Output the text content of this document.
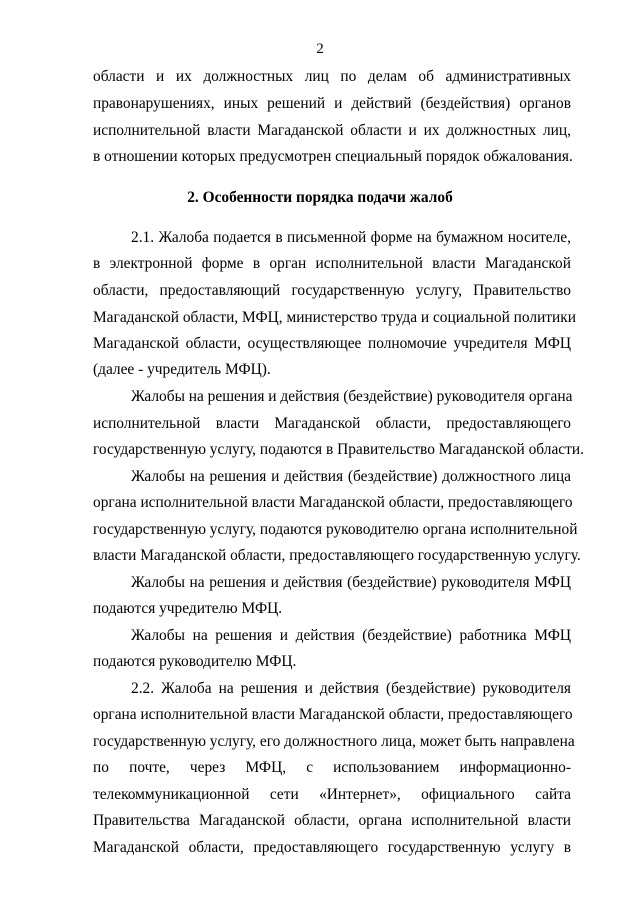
2
области и их должностных лиц по делам об административных
правонарушениях, иных решений и действий (бездействия) органов
исполнительной власти Магаданской области и их должностных лиц,
в отношении которых предусмотрен специальный порядок обжалования.
2. Особенности порядка подачи жалоб
2.1. Жалоба подается в письменной форме на бумажном носителе,
в электронной форме в орган исполнительной власти Магаданской
области, предоставляющий государственную услугу, Правительство
Магаданской области, МФЦ, министерство труда и социальной политики
Магаданской области, осуществляющее полномочие учредителя МФЦ
(далее - учредитель МФЦ).
Жалобы на решения и действия (бездействие) руководителя органа
исполнительной власти Магаданской области, предоставляющего
государственную услугу, подаются в Правительство Магаданской области.
Жалобы на решения и действия (бездействие) должностного лица
органа исполнительной власти Магаданской области, предоставляющего
государственную услугу, подаются руководителю органа исполнительной
власти Магаданской области, предоставляющего государственную услугу.
Жалобы на решения и действия (бездействие) руководителя МФЦ
подаются учредителю МФЦ.
Жалобы на решения и действия (бездействие) работника МФЦ
подаются руководителю МФЦ.
2.2. Жалоба на решения и действия (бездействие) руководителя
органа исполнительной власти Магаданской области, предоставляющего
государственную услугу, его должностного лица, может быть направлена
по почте, через МФЦ, с использованием информационно-
телекоммуникационной сети «Интернет», официального сайта
Правительства Магаданской области, органа исполнительной власти
Магаданской области, предоставляющего государственную услугу в
